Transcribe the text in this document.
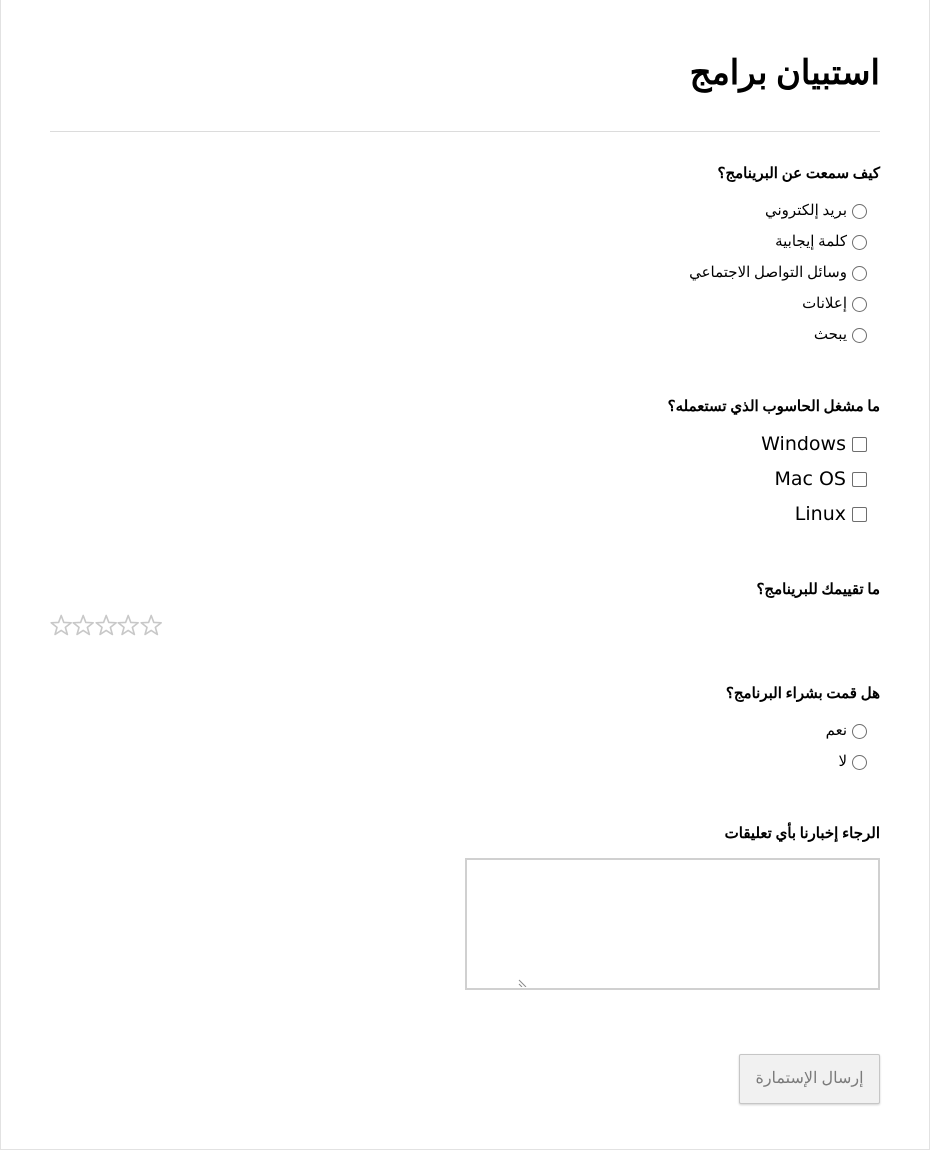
استبيان برامج
كيف سمعت عن البرينامج؟
بريد إلكتروني
كلمة إيجابية
وسائل التواصل الاجتماعي
إعلانات
يبحث
ما مشغل الحاسوب الذي تستعمله؟
Windows
Mac OS
Linux
ما تقييمك للبرينامج؟
هل قمت بشراء البرنامج؟
نعم
لا
الرجاء إخبارنا بأي تعليقات
إرسال الإستمارة
